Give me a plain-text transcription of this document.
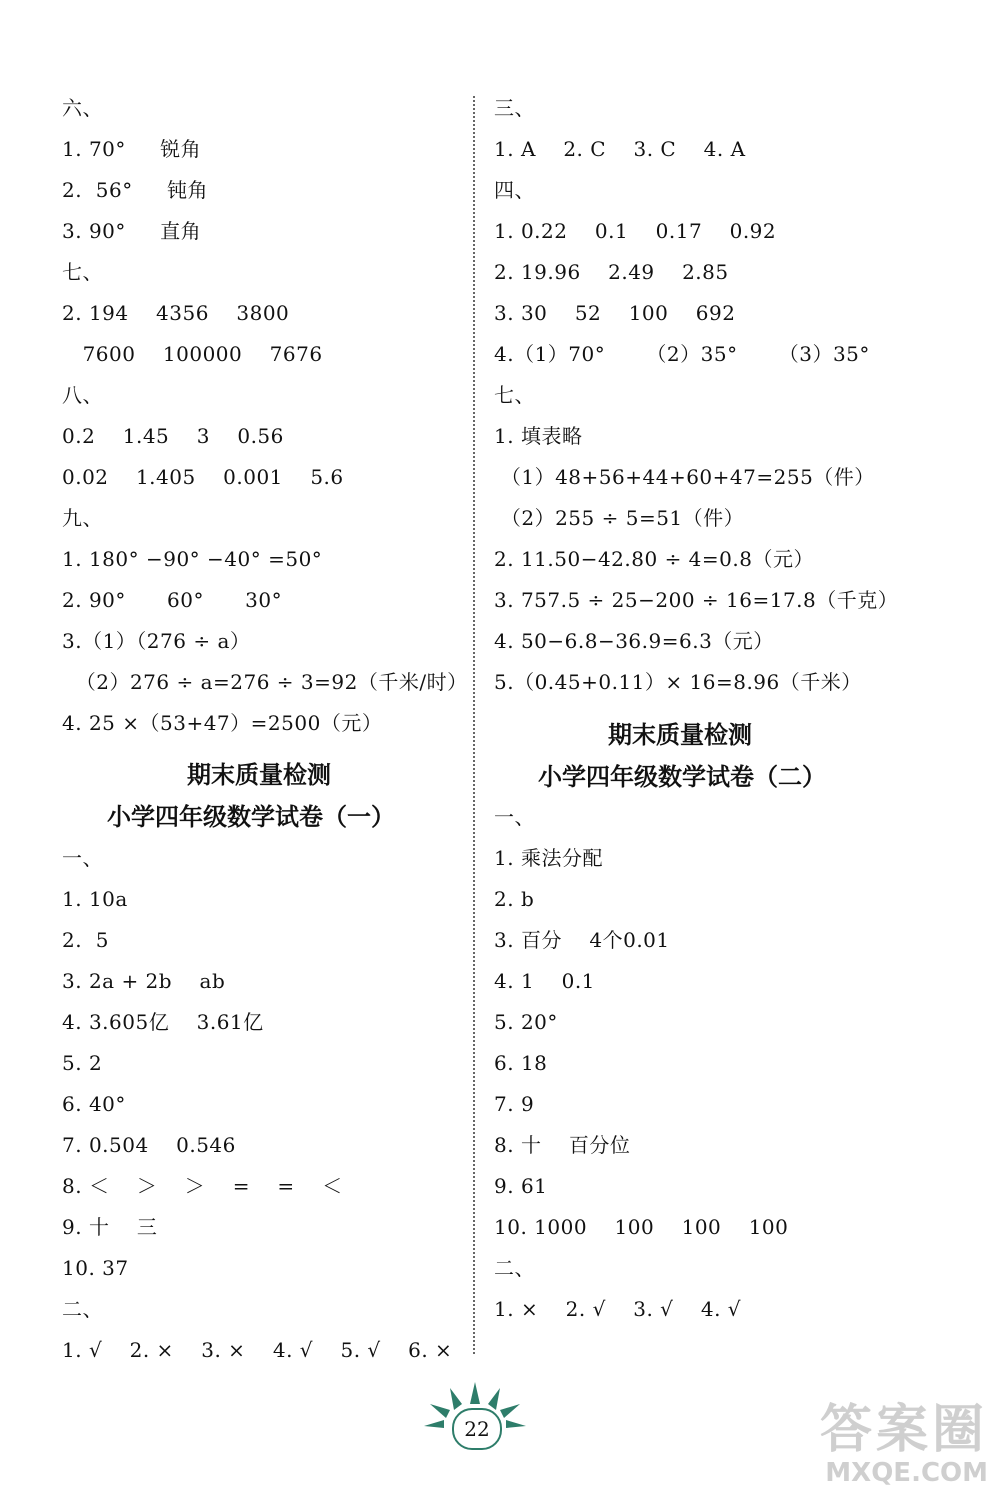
六、
1. 70°     锐角
2.  56°     钝角
3. 90°     直角
七、
2. 194    4356    3800
7600    100000    7676
八、
0.2    1.45    3    0.56
0.02    1.405    0.001    5.6
九、
1. 180° −90° −40° =50°
2. 90°      60°      30°
3.（1）（276 ÷ a）
（2）276 ÷ a=276 ÷ 3=92（千米/时）
4. 25 ×（53+47）=2500（元）
期末质量检测
小学四年级数学试卷（一）
一、
1. 10a
2.  5
3. 2a + 2b    ab
4. 3.605亿    3.61亿
5. 2
6. 40°
7. 0.504    0.546
8. ＜    ＞    ＞    =    =    ＜
9. 十    三
10. 37
二、
1. √    2. ×    3. ×    4. √    5. √    6. ×
三、
1. A    2. C    3. C    4. A
四、
1. 0.22    0.1    0.17    0.92
2. 19.96    2.49    2.85
3. 30    52    100    692
4.（1）70°      （2）35°      （3）35°
七、
1. 填表略
（1）48+56+44+60+47=255（件）
（2）255 ÷ 5=51（件）
2. 11.50−42.80 ÷ 4=0.8（元）
3. 757.5 ÷ 25−200 ÷ 16=17.8（千克）
4. 50−6.8−36.9=6.3（元）
5.（0.45+0.11）× 16=8.96（千米）
期末质量检测
小学四年级数学试卷（二）
一、
1. 乘法分配
2. b
3. 百分    4个0.01
4. 1    0.1
5. 20°
6. 18
7. 9
8. 十    百分位
9. 61
10. 1000    100    100    100
二、
1. ×    2. √    3. √    4. √
22	答案圈
MXQE.COM
